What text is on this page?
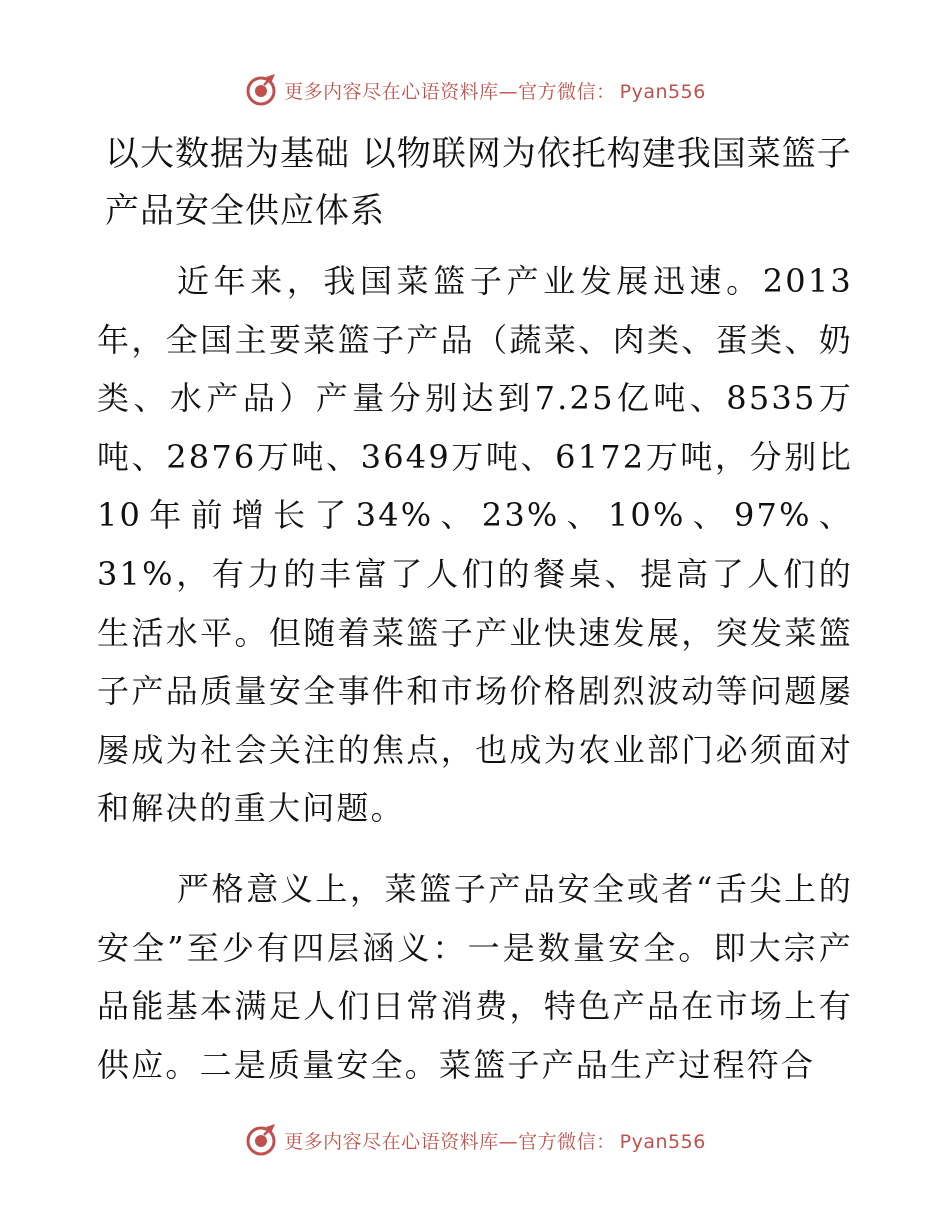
更多内容尽在心语资料库—官方微信： Pyan556
以大数据为基础 以物联网为依托构建我国菜篮子产品安全供应体系

近年来，我国菜篮子产业发展迅速。2013年，全国主要菜篮子产品（蔬菜、肉类、蛋类、奶类、水产品）产量分别达到7.25亿吨、8535万吨、2876万吨、3649万吨、6172万吨，分别比10年前增长了34%、23%、10%、97%、31%，有力的丰富了人们的餐桌、提高了人们的生活水平。但随着菜篮子产业快速发展，突发菜篮子产品质量安全事件和市场价格剧烈波动等问题屡屡成为社会关注的焦点，也成为农业部门必须面对和解决的重大问题。

严格意义上，菜篮子产品安全或者“舌尖上的安全”至少有四层涵义：一是数量安全。即大宗产品能基本满足人们日常消费，特色产品在市场上有供应。二是质量安全。菜篮子产品生产过程符合

更多内容尽在心语资料库—官方微信： Pyan556
